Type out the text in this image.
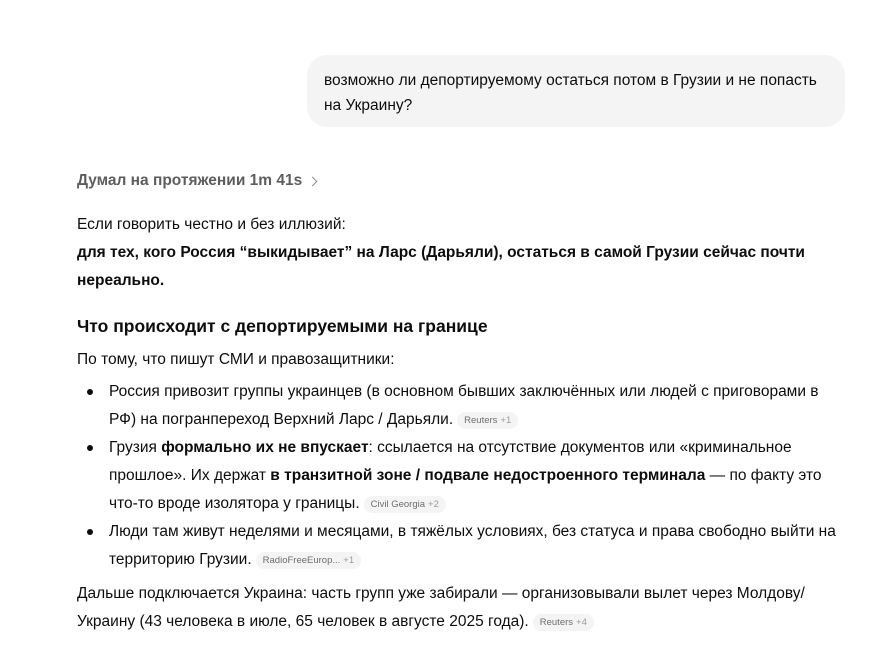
возможно ли депортируемому остаться потом в Грузии и не попасть на Украину?
Думал на протяжении 1m 41s

Если говорить честно и без иллюзий:

для тех, кого Россия “выкидывает” на Ларс (Дарьяли), остаться в самой Грузии сейчас почти нереально.

Что происходит с депортируемыми на границе

По тому, что пишут СМИ и правозащитники:

Россия привозит группы украинцев (в основном бывших заключённых или людей с приговорами в РФ) на погранпереход Верхний Ларс / Дарьяли. Reuters +1
Грузия формально их не впускает: ссылается на отсутствие документов или «криминальное прошлое». Их держат в транзитной зоне / подвале недостроенного терминала — по факту это что-то вроде изолятора у границы. Civil Georgia +2
Люди там живут неделями и месяцами, в тяжёлых условиях, без статуса и права свободно выйти на территорию Грузии. RadioFreeEurop... +1

Дальше подключается Украина: часть групп уже забирали — организовывали вылет через Молдову/Украину (43 человека в июле, 65 человек в августе 2025 года). Reuters +4
